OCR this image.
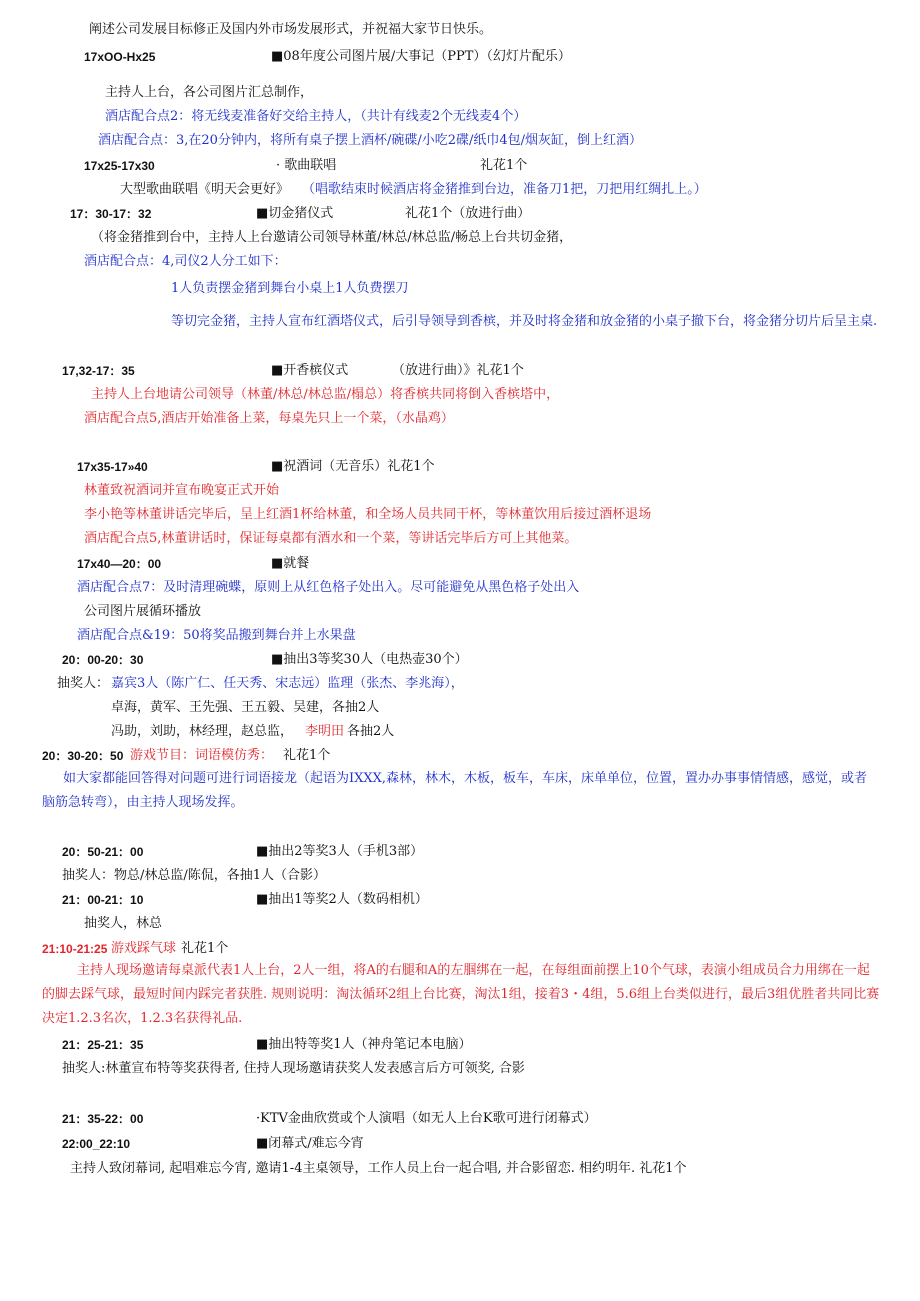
阐述公司发展目标修正及国内外市场发展形式，并祝福大家节日快乐。
17xOO-Hx25	■08年度公司图片展/大事记（PPT）（幻灯片配乐）
主持人上台，各公司图片汇总制作，
酒店配合点2：将无线麦准备好交给主持人，（共计有线麦2个无线麦4个）
酒店配合点：3,在20分钟内，将所有桌子摆上酒杯/碗碟/小吃2碟/纸巾4包/烟灰缸，倒上红酒）
17x25-17x30	· 歌曲联唱	礼花1个
大型歌曲联唱《明天会更好》 （唱歌结束时候酒店将金猪推到台边，准备刀1把，刀把用红绸扎上。）
17：30-17：32	■切金猪仪式	礼花1个（放进行曲）
（将金猪推到台中，主持人上台邀请公司领导林董/林总/林总监/畅总上台共切金猪，
酒店配合点：4,司仪2人分工如下：
1人负责摆金猪到舞台小桌上1人负费摆刀
等切完金猪，主持人宣布红酒塔仪式，后引导领导到香槟，并及时将金猪和放金猪的小桌子撤下台，将金猪分切片后呈主桌.
17,32-17：35	■开香槟仪式	（放进行曲）》礼花1个
主持人上台地请公司领导（林董/林总/林总监/榻总）将香槟共同将倒入香槟塔中，
酒店配合点5,酒店开始准备上菜，每桌先只上一个菜，（水晶鸡）
17x35-17»40	■祝酒词（无音乐）礼花1个
林董致祝酒词并宣布晚宴正式开始
李小艳等林董讲话完毕后，呈上红酒1杯给林董，和全场人员共同干杯，等林董饮用后接过酒杯退场
酒店配合点5,林董讲话时，保证每桌都有酒水和一个菜，等讲话完毕后方可上其他菜。
17x40—20：00	■就餐
酒店配合点7：及时清理碗蝶，原则上从红色格子处出入。尽可能避免从黑色格子处出入
公司图片展循环播放
酒店配合点&19：50将奖品搬到舞台并上水果盘
20：00-20：30	■抽出3等奖30人（电热壶30个）
抽奖人： 嘉宾3人（陈广仁、任天秀、宋志远）监理（张杰、李兆海），
卓海，黄军、王先强、王五毅、吴建，各抽2人
冯助，刘助，林经理，赵总监， 李明田 各抽2人
20：30-20：50 游戏节目：词语模仿秀： 礼花1个
如大家都能回答得对问题可进行词语接龙（起语为IXXX,森林，林木，木板，板车，车床，床单单位，位置，置办办事事情情感，感觉，或者脑筋急转弯），由主持人现场发挥。
20：50-21：00	■抽出2等奖3人（手机3部）
抽奖人：物总/林总监/陈侃，各抽1人（合影）
21：00-21：10	■抽出1等奖2人（数码相机）
抽奖人，林总
21:10-21:25 游戏踩气球 礼花1个
主持人现场邀请每桌派代表1人上台，2人一组，将A的右腿和A的左腘绑在一起，在每组面前摆上10个气球，表演小组成员合力用绑在一起的脚去踩气球，最短时间内踩完者获胜. 规则说明：淘汰循环2组上台比赛，淘汰1组，接着3・4组，5.6组上台类似进行，最后3组优胜者共同比赛决定1.2.3名次，1.2.3名获得礼品.
21：25-21：35	■抽出特等奖1人（神舟笔记本电脑）
抽奖人:林董宣布特等奖获得者, 住持人现场邀请获奖人发表感言后方可领奖, 合影
21：35-22：00	·KTV金曲欣赏或个人演唱（如无人上台K歌可进行闭幕式）
22:00_22:10	■闭幕式/难忘今宵
主持人致闭幕词, 起唱难忘今宵, 邀请1-4主桌领导，工作人员上台一起合唱, 并合影留恋. 相约明年. 礼花1个
